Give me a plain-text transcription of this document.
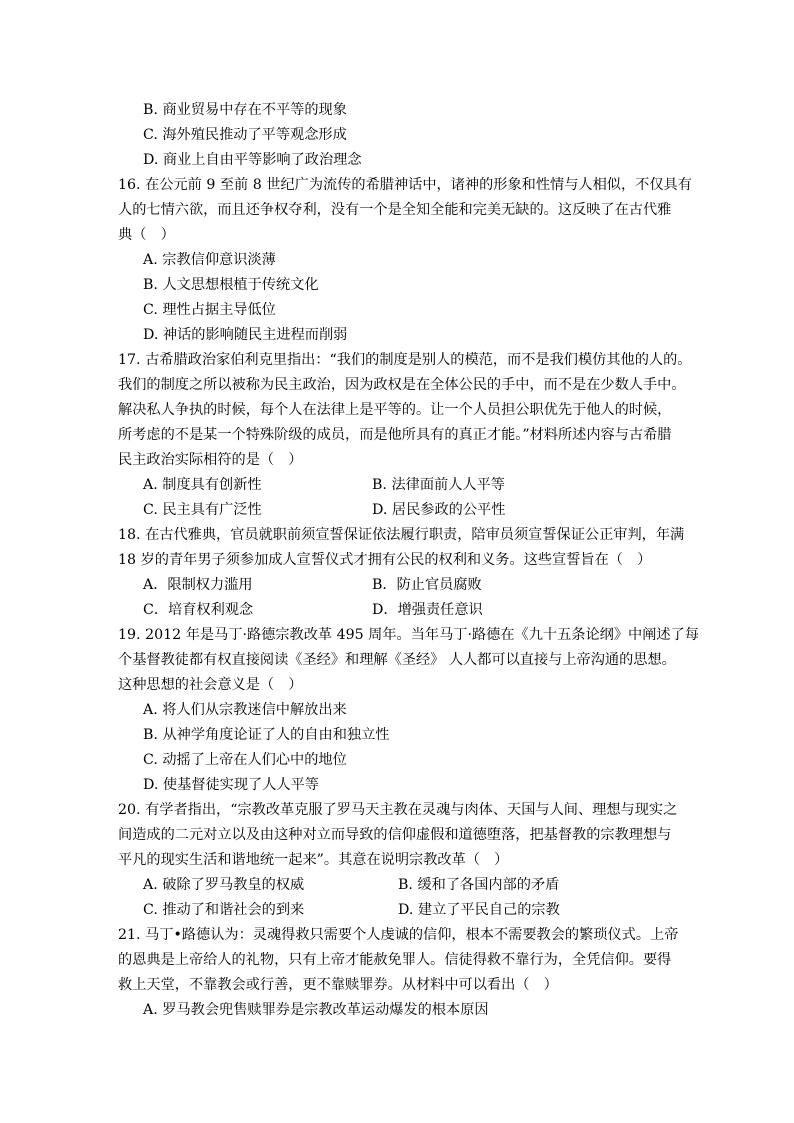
B. 商业贸易中存在不平等的现象
C. 海外殖民推动了平等观念形成
D. 商业上自由平等影响了政治理念
16. 在公元前 9 至前 8 世纪广为流传的希腊神话中，诸神的形象和性情与人相似，不仅具有
人的七情六欲，而且还争权夺利，没有一个是全知全能和完美无缺的。这反映了在古代雅
典（　）
A. 宗教信仰意识淡薄
B. 人文思想根植于传统文化
C. 理性占据主导低位
D. 神话的影响随民主进程而削弱
17. 古希腊政治家伯利克里指出：“我们的制度是别人的模范，而不是我们模仿其他的人的。
我们的制度之所以被称为民主政治，因为政权是在全体公民的手中，而不是在少数人手中。
解决私人争执的时候，每个人在法律上是平等的。让一个人员担公职优先于他人的时候，
所考虑的不是某一个特殊阶级的成员，而是他所具有的真正才能。”材料所述内容与古希腊
民主政治实际相符的是（　）
A. 制度具有创新性	B. 法律面前人人平等
C. 民主具有广泛性	D. 居民参政的公平性
18. 在古代雅典，官员就职前须宣誓保证依法履行职责，陪审员须宣誓保证公正审判，年满
18 岁的青年男子须参加成人宣誓仪式才拥有公民的权利和义务。这些宣誓旨在（　）
A．限制权力滥用	B．防止官员腐败
C．培育权利观念	D．增强责任意识
19. 2012 年是马丁·路德宗教改革 495 周年。当年马丁·路德在《九十五条论纲》中阐述了每
个基督教徒都有权直接阅读《圣经》和理解《圣经》 人人都可以直接与上帝沟通的思想。
这种思想的社会意义是（　）
A. 将人们从宗教迷信中解放出来
B. 从神学角度论证了人的自由和独立性
C. 动摇了上帝在人们心中的地位
D. 使基督徒实现了人人平等
20. 有学者指出，“宗教改革克服了罗马天主教在灵魂与肉体、天国与人间、理想与现实之
间造成的二元对立以及由这种对立而导致的信仰虚假和道德堕落，把基督教的宗教理想与
平凡的现实生活和谐地统一起来”。其意在说明宗教改革（　）
A. 破除了罗马教皇的权威	B. 缓和了各国内部的矛盾
C. 推动了和谐社会的到来	D. 建立了平民自己的宗教
21. 马丁•路德认为：灵魂得救只需要个人虔诚的信仰，根本不需要教会的繁琐仪式。上帝
的恩典是上帝给人的礼物，只有上帝才能赦免罪人。信徒得救不靠行为，全凭信仰。要得
救上天堂，不靠教会或行善，更不靠赎罪券。从材料中可以看出（　）
A. 罗马教会兜售赎罪券是宗教改革运动爆发的根本原因
